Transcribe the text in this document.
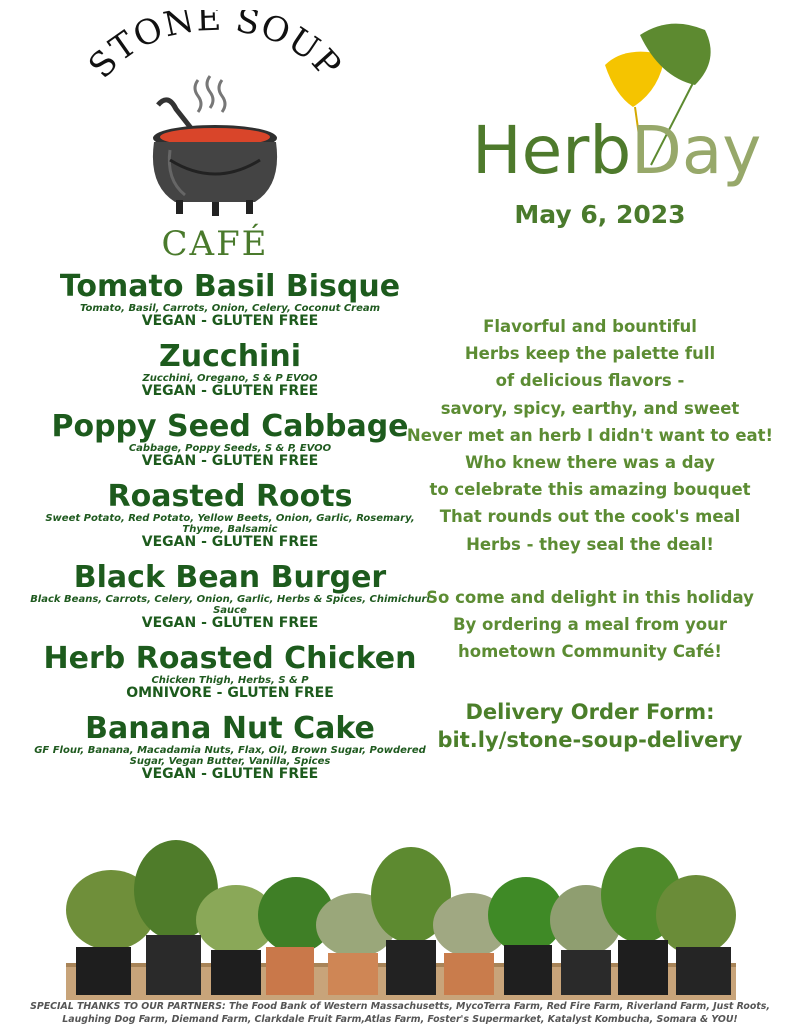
STONE SOUP
CAFÉ
Herb Day
May 6, 2023
Tomato Basil Bisque
Tomato, Basil, Carrots, Onion, Celery, Coconut Cream
VEGAN - GLUTEN FREE
Zucchini
Zucchini, Oregano, S & P EVOO
VEGAN - GLUTEN FREE
Poppy Seed Cabbage
Cabbage, Poppy Seeds, S & P, EVOO
VEGAN - GLUTEN FREE
Roasted Roots
Sweet Potato, Red Potato, Yellow Beets, Onion, Garlic, Rosemary, Thyme, Balsamic
VEGAN - GLUTEN FREE
Black Bean Burger
Black Beans, Carrots, Celery, Onion, Garlic, Herbs & Spices, Chimichuri Sauce
VEGAN - GLUTEN FREE
Herb Roasted Chicken
Chicken Thigh, Herbs, S & P
OMNIVORE - GLUTEN FREE
Banana Nut Cake
GF Flour, Banana, Macadamia Nuts, Flax, Oil, Brown Sugar, Powdered Sugar, Vegan Butter, Vanilla, Spices
VEGAN - GLUTEN FREE
Flavorful and bountiful
Herbs keep the palette full
of delicious flavors -
savory, spicy, earthy, and sweet
Never met an herb I didn't want to eat!
Who knew there was a day
to celebrate this amazing bouquet
That rounds out the cook's meal
Herbs - they seal the deal!
So come and delight in this holiday
By ordering a meal from your
hometown Community Café!
Delivery Order Form:
bit.ly/stone-soup-delivery
SPECIAL THANKS TO OUR PARTNERS: The Food Bank of Western Massachusetts, MycoTerra Farm, Red Fire Farm, Riverland Farm, Just Roots, Laughing Dog Farm, Diemand Farm, Clarkdale Fruit Farm,Atlas Farm, Foster's Supermarket, Katalyst Kombucha, Somara & YOU!
